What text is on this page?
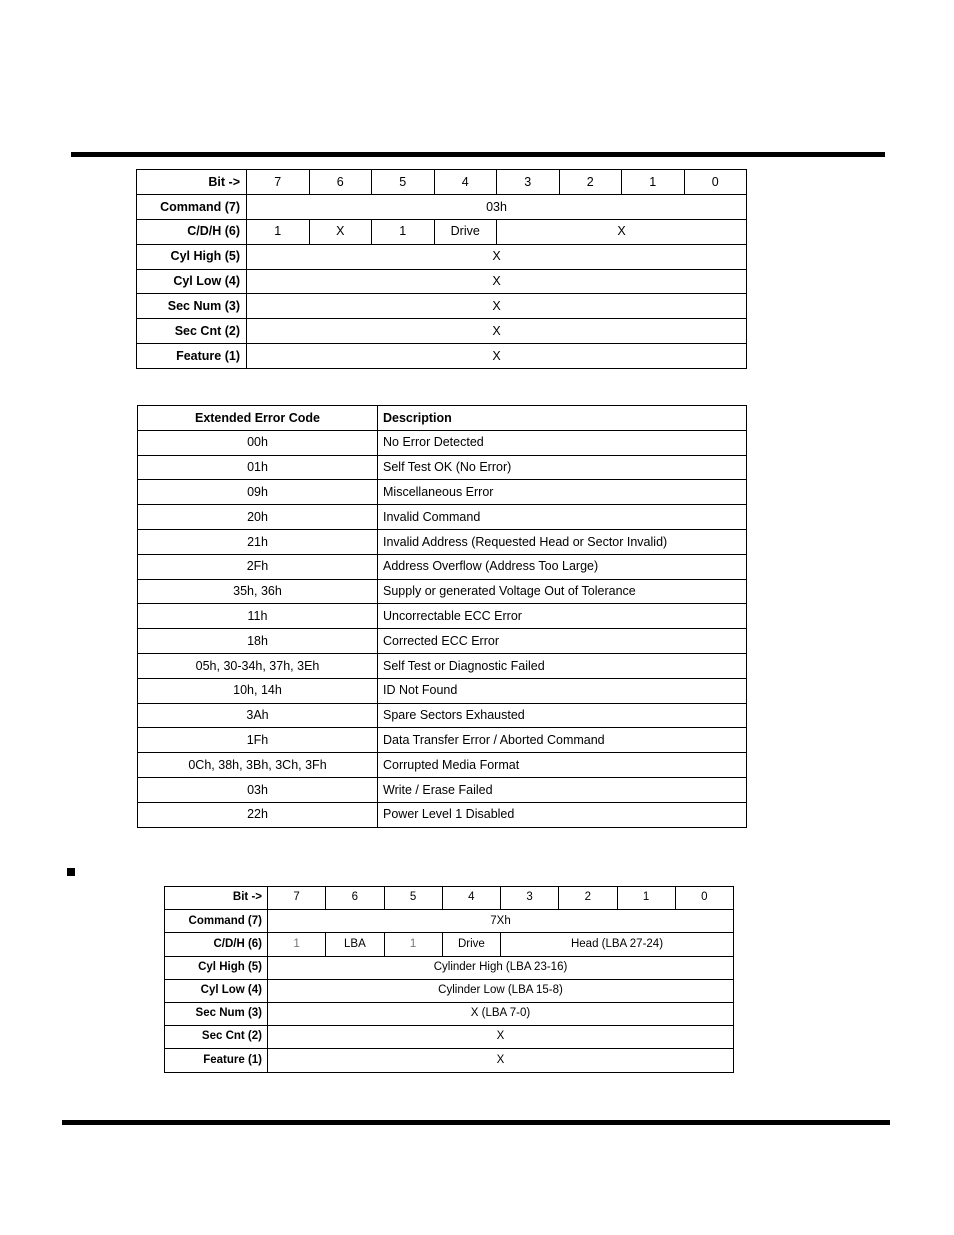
Bit ->	7	6	5	4	3	2	1	0
Command (7)	03h							
C/D/H (6)	1	X	1	Drive	X			
Cyl High (5)	X							
Cyl Low (4)	X							
Sec Num (3)	X							
Sec Cnt (2)	X							
Feature (1)	X							
Extended Error Code	Description
00h	No Error Detected
01h	Self Test OK (No Error)
09h	Miscellaneous Error
20h	Invalid Command
21h	Invalid Address (Requested Head or Sector Invalid)
2Fh	Address Overflow (Address Too Large)
35h, 36h	Supply or generated Voltage Out of Tolerance
11h	Uncorrectable ECC Error
18h	Corrected ECC Error
05h, 30-34h, 37h, 3Eh	Self Test or Diagnostic Failed
10h, 14h	ID Not Found
3Ah	Spare Sectors Exhausted
1Fh	Data Transfer Error / Aborted Command
0Ch, 38h, 3Bh, 3Ch, 3Fh	Corrupted Media Format
03h	Write / Erase Failed
22h	Power Level 1 Disabled
Bit ->	7	6	5	4	3	2	1	0
Command (7)	7Xh							
C/D/H (6)	1	LBA	1	Drive	Head (LBA 27-24)			
Cyl High (5)	Cylinder High (LBA 23-16)							
Cyl Low (4)	Cylinder Low (LBA 15-8)							
Sec Num (3)	X (LBA 7-0)							
Sec Cnt (2)	X							
Feature (1)	X							
